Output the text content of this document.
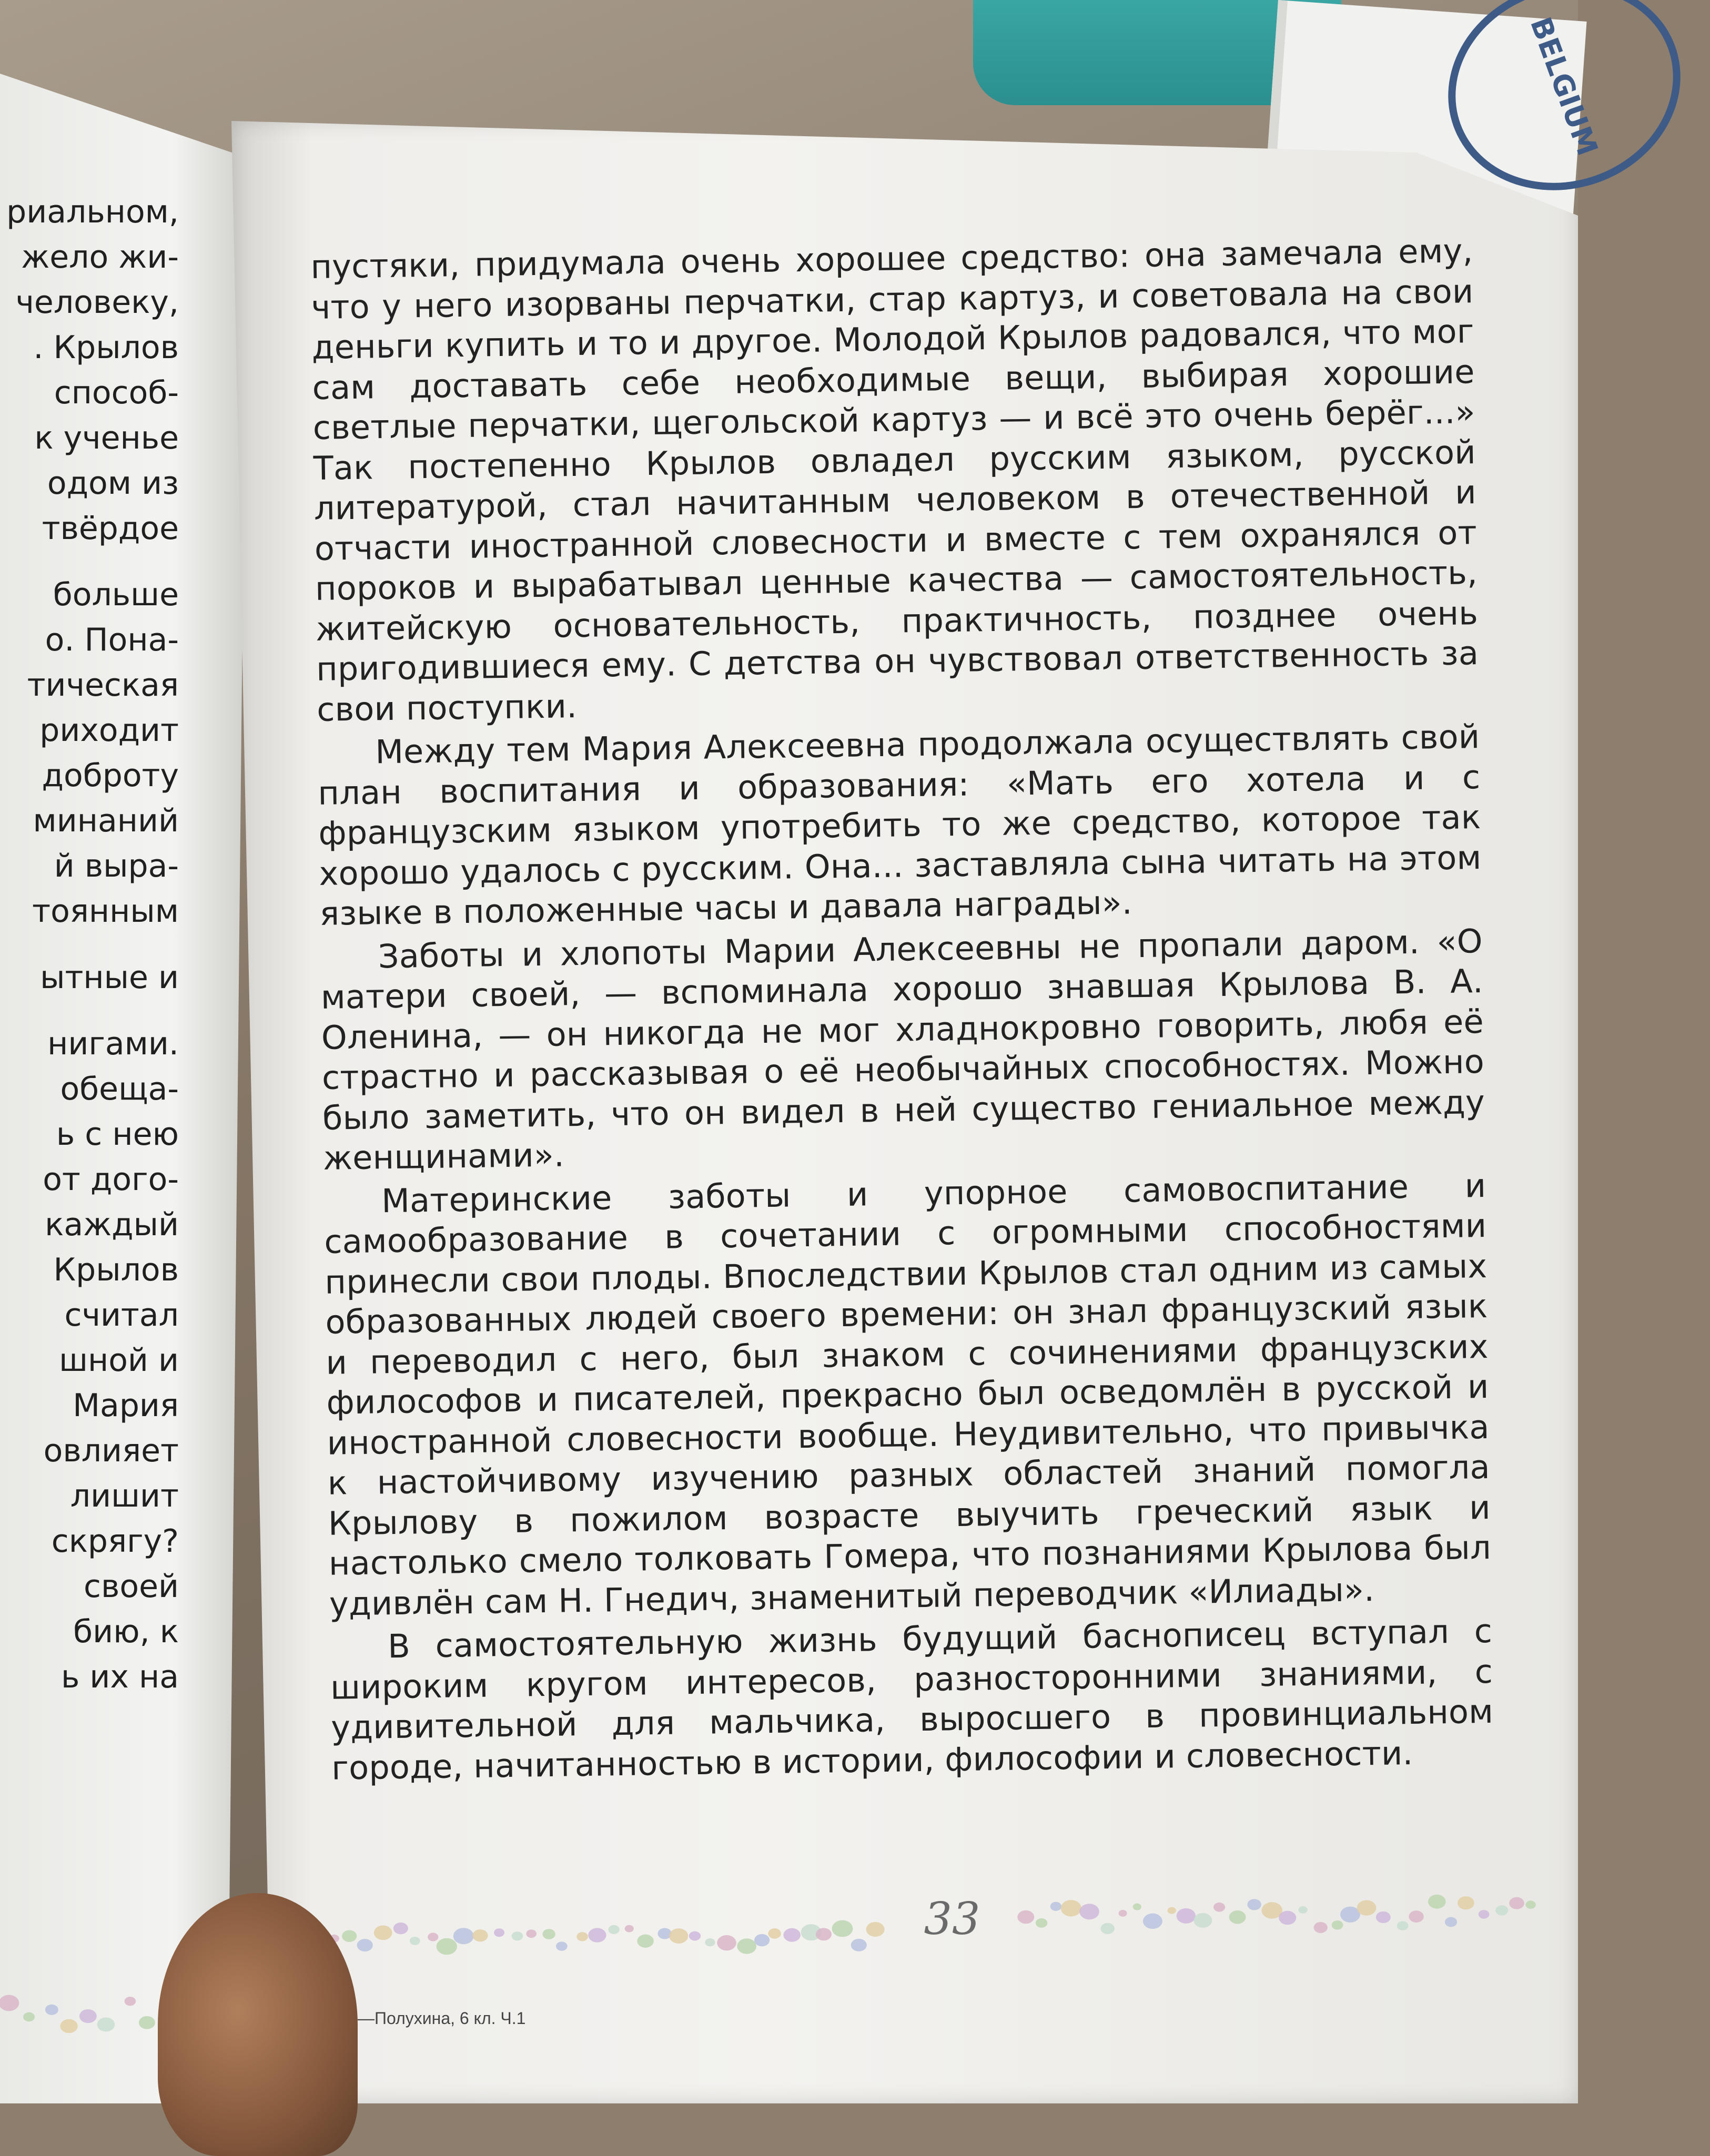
BELGIUM
риальном,
жело жи-
человеку,
. Крылов
способ-
к ученье
одом из
твёрдое
больше
о. Пона-
тическая
риходит
доброту
минаний
й выра-
тоянным
ытные и
нигами.
обеща-
ь с нею
от дого-
каждый
Крылов
считал
шной и
Мария
овлияет
лишит
скрягу?
своей
бию, к
ь их на

пустяки, придумала очень хорошее средство: она замечала ему, что у него изорваны перчатки, стар картуз, и советовала на свои деньги купить и то и другое. Молодой Крылов радовался, что мог сам доставать себе необходимые вещи, выбирая хорошие светлые перчатки, щегольской картуз — и всё это очень берёг...» Так постепенно Крылов овладел русским языком, русской литературой, стал начитанным человеком в отечественной и отчасти иностранной словесности и вместе с тем охранялся от пороков и вырабатывал ценные качества — самостоятельность, житейскую основательность, практичность, позднее очень пригодившиеся ему. С детства он чувствовал ответственность за свои поступки.

Между тем Мария Алексеевна продолжала осуществлять свой план воспитания и образования: «Мать его хотела и с французским языком употребить то же средство, которое так хорошо удалось с русским. Она... заставляла сына читать на этом языке в положенные часы и давала награды».

Заботы и хлопоты Марии Алексеевны не пропали даром. «О матери своей, — вспоминала хорошо знавшая Крылова В. А. Оленина, — он никогда не мог хладнокровно говорить, любя её страстно и рассказывая о её необычайных способностях. Можно было заметить, что он видел в ней существо гениальное между женщинами».

Материнские заботы и упорное самовоспитание и самообразование в сочетании с огромными способностями принесли свои плоды. Впоследствии Крылов стал одним из самых образованных людей своего времени: он знал французский язык и переводил с него, был знаком с сочинениями французских философов и писателей, прекрасно был осведомлён в русской и иностранной словесности вообще. Неудивительно, что привычка к настойчивому изучению разных областей знаний помогла Крылову в пожилом возрасте выучить греческий язык и настолько смело толковать Гомера, что познаниями Крылова был удивлён сам Н. Гнедич, знаменитый переводчик «Илиады».

В самостоятельную жизнь будущий баснописец вступал с широким кругом интересов, разносторонними знаниями, с удивительной для мальчика, выросшего в провинциальном городе, начитанностью в истории, философии и словесности.

33
—Полухина, 6 кл. Ч.1
